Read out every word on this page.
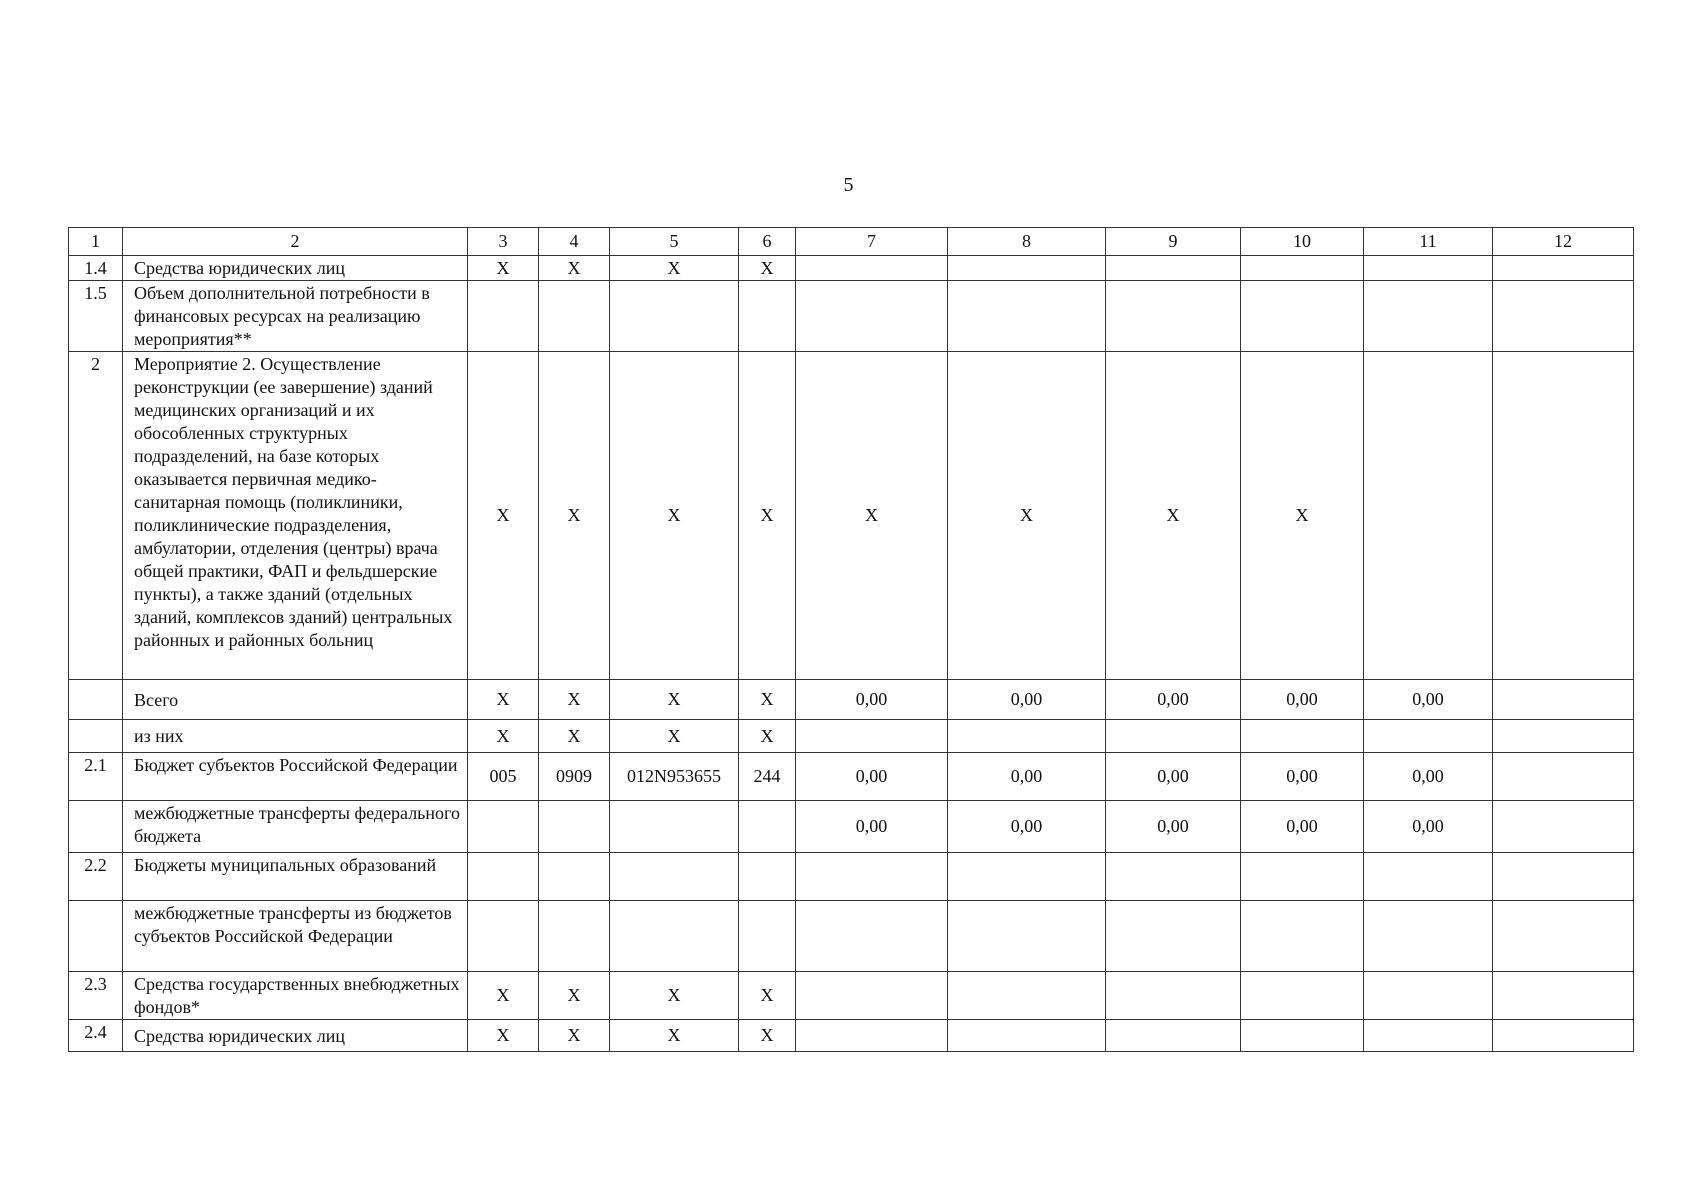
5
1	2	3	4	5	6	7	8	9	10	11	12
1.4	Средства юридических лиц	X	X	X	X						
1.5	Объем дополнительной потребности в финансовых ресурсах на реализацию мероприятия**										
2	Мероприятие 2. Осуществление реконструкции (ее завершение) зданий медицинских организаций и их обособленных структурных подразделений, на базе которых оказывается первичная медико-санитарная помощь (поликлиники, поликлинические подразделения, амбулатории, отделения (центры) врача общей практики, ФАП и фельдшерские пункты), а также зданий (отдельных зданий, комплексов зданий) центральных районных и районных больниц	X	X	X	X	X	X	X	X		
	Всего	X	X	X	X	0,00	0,00	0,00	0,00	0,00	
	из них	X	X	X	X						
2.1	Бюджет субъектов Российской Федерации	005	0909	012N953655	244	0,00	0,00	0,00	0,00	0,00	
	межбюджетные трансферты федерального бюджета					0,00	0,00	0,00	0,00	0,00	
2.2	Бюджеты муниципальных образований										
	межбюджетные трансферты из бюджетов субъектов Российской Федерации										
2.3	Средства государственных внебюджетных фондов*	X	X	X	X						
2.4	Средства юридических лиц	X	X	X	X						
